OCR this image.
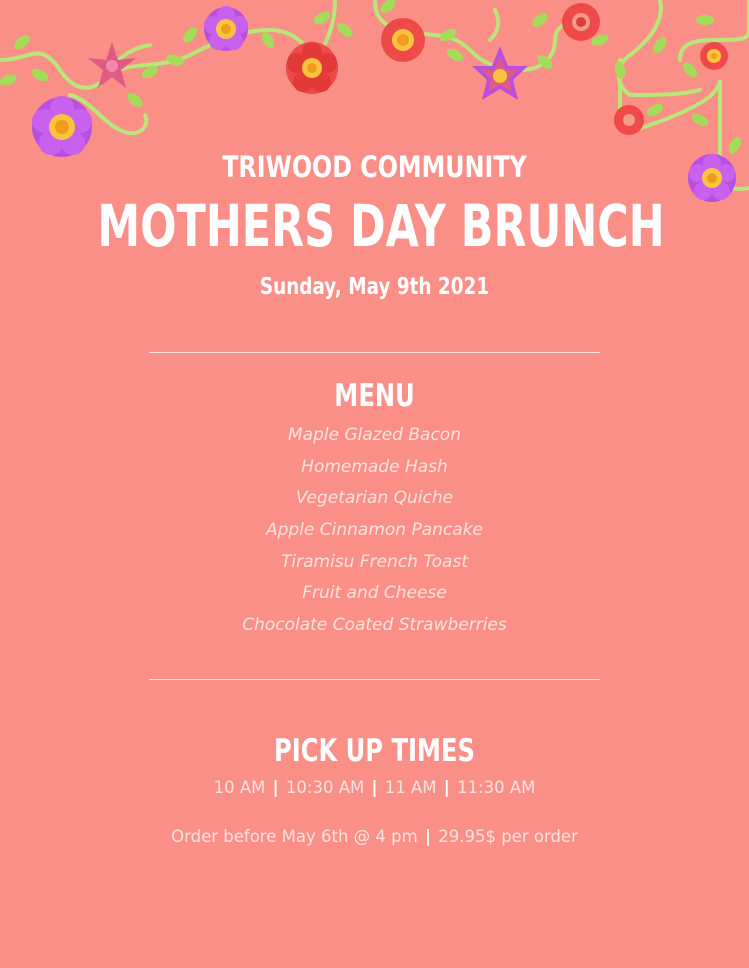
TRIWOOD COMMUNITY
MOTHERS DAY BRUNCH
Sunday, May 9th 2021
MENU
Maple Glazed Bacon
Homemade Hash
Vegetarian Quiche
Apple Cinnamon Pancake
Tiramisu French Toast
Fruit and Cheese
Chocolate Coated Strawberries
PICK UP TIMES
10 AM | 10:30 AM | 11 AM | 11:30 AM
Order before May 6th @ 4 pm | 29.95$ per order
